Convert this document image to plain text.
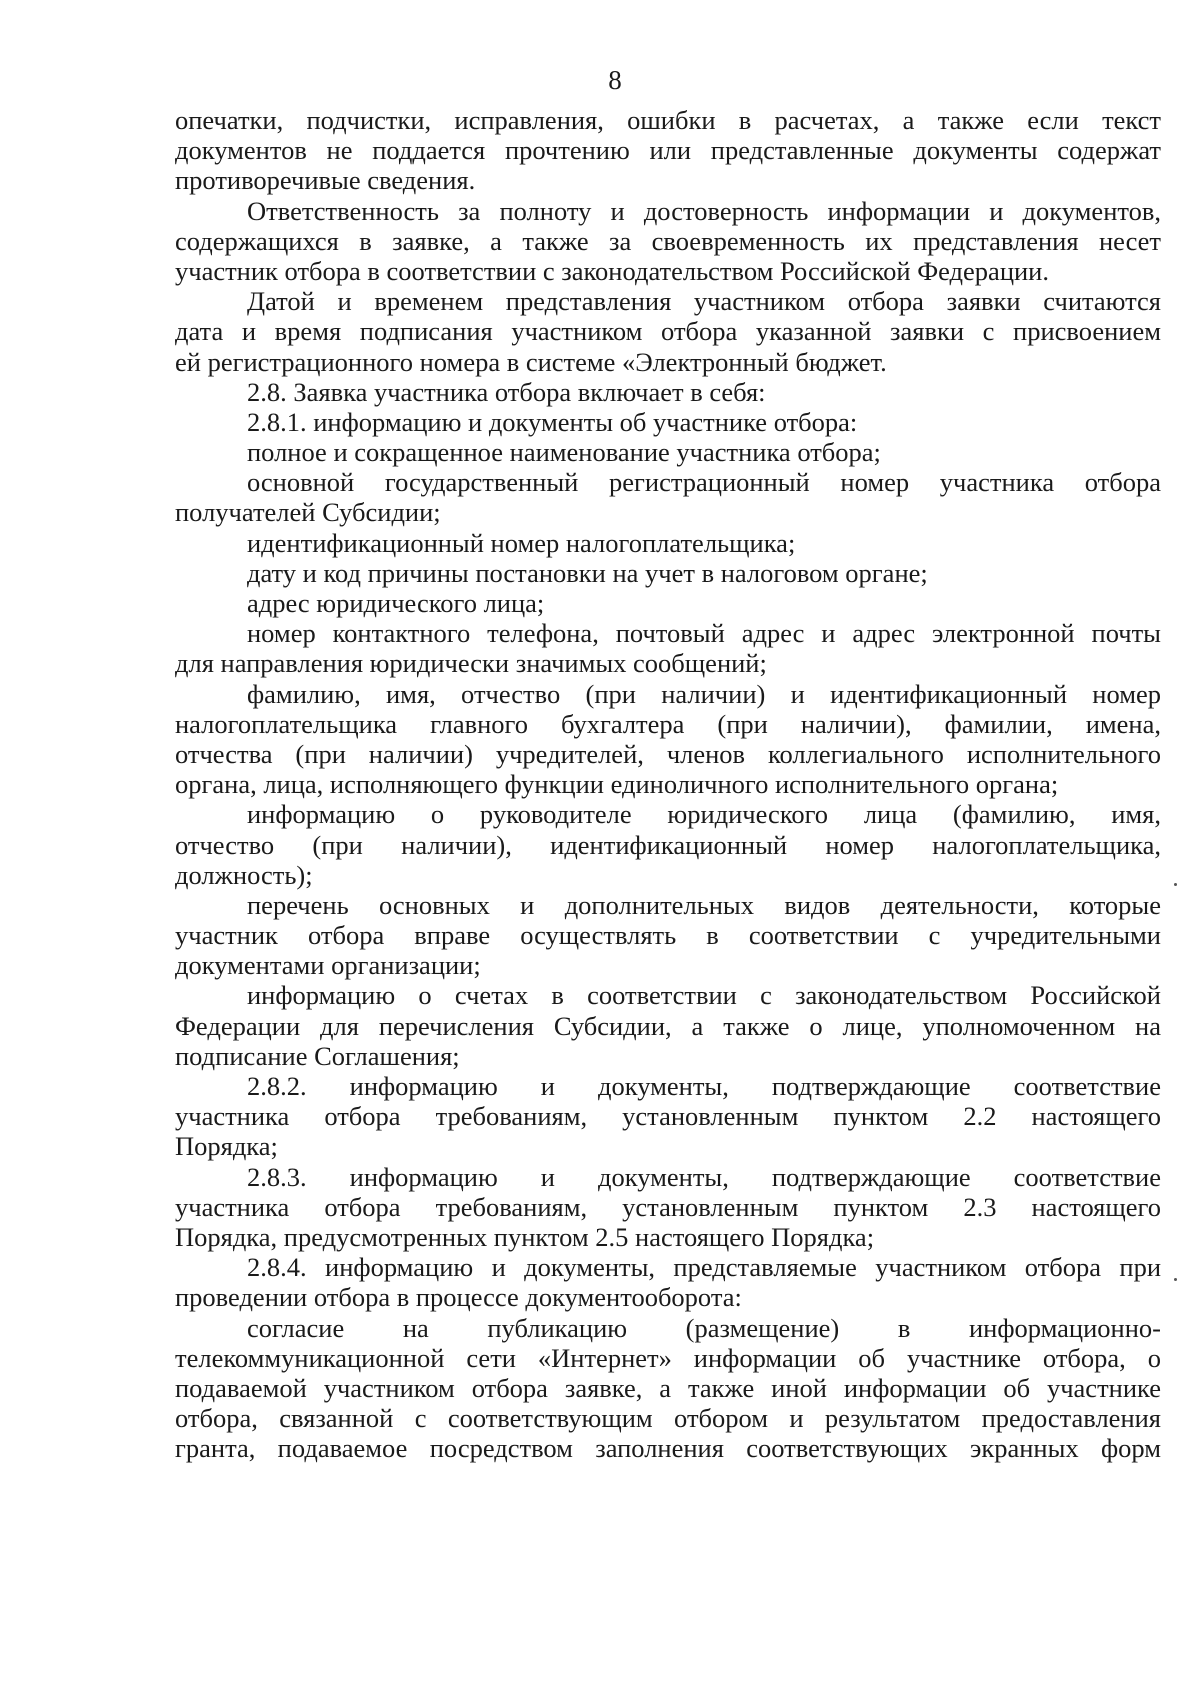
8
опечатки, подчистки, исправления, ошибки в расчетах, а также если текст
документов не поддается прочтению или представленные документы содержат
противоречивые сведения.
Ответственность за полноту и достоверность информации и документов,
содержащихся в заявке, а также за своевременность их представления несет
участник отбора в соответствии с законодательством Российской Федерации.
Датой и временем представления участником отбора заявки считаются
дата и время подписания участником отбора указанной заявки с присвоением
ей регистрационного номера в системе «Электронный бюджет.
2.8. Заявка участника отбора включает в себя:
2.8.1. информацию и документы об участнике отбора:
полное и сокращенное наименование участника отбора;
основной государственный регистрационный номер участника отбора
получателей Субсидии;
идентификационный номер налогоплательщика;
дату и код причины постановки на учет в налоговом органе;
адрес юридического лица;
номер контактного телефона, почтовый адрес и адрес электронной почты
для направления юридически значимых сообщений;
фамилию, имя, отчество (при наличии) и идентификационный номер
налогоплательщика главного бухгалтера (при наличии), фамилии, имена,
отчества (при наличии) учредителей, членов коллегиального исполнительного
органа, лица, исполняющего функции единоличного исполнительного органа;
информацию о руководителе юридического лица (фамилию, имя,
отчество (при наличии), идентификационный номер налогоплательщика,
должность);
перечень основных и дополнительных видов деятельности, которые
участник отбора вправе осуществлять в соответствии с учредительными
документами организации;
информацию о счетах в соответствии с законодательством Российской
Федерации для перечисления Субсидии, а также о лице, уполномоченном на
подписание Соглашения;
2.8.2. информацию и документы, подтверждающие соответствие
участника отбора требованиям, установленным пунктом 2.2 настоящего
Порядка;
2.8.3. информацию и документы, подтверждающие соответствие
участника отбора требованиям, установленным пунктом 2.3 настоящего
Порядка, предусмотренных пунктом 2.5 настоящего Порядка;
2.8.4. информацию и документы, представляемые участником отбора при
проведении отбора в процессе документооборота:
согласие на публикацию (размещение) в информационно-
телекоммуникационной сети «Интернет» информации об участнике отбора, о
подаваемой участником отбора заявке, а также иной информации об участнике
отбора, связанной с соответствующим отбором и результатом предоставления
гранта, подаваемое посредством заполнения соответствующих экранных форм
